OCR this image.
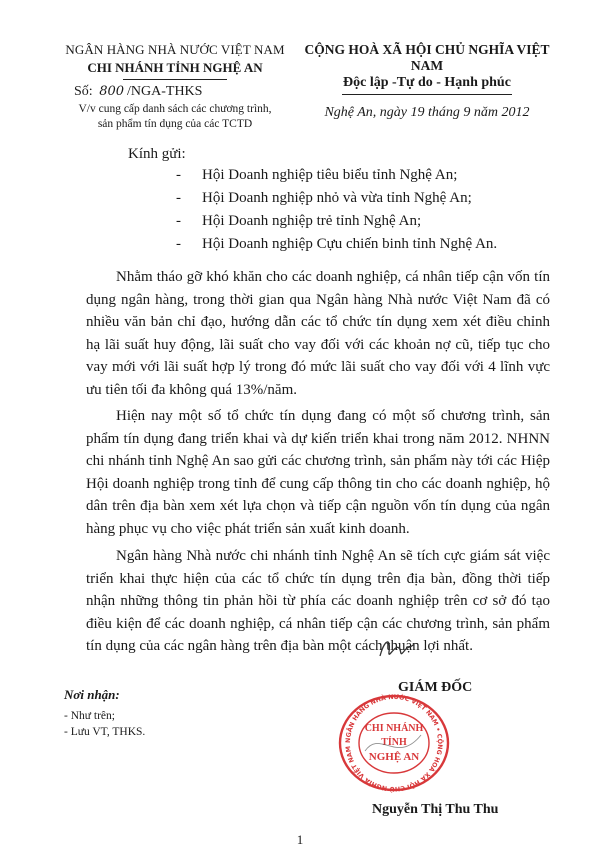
NGÂN HÀNG NHÀ NƯỚC VIỆT NAM
CHI NHÁNH TỈNH NGHỆ AN
Số: 800 /NGA-THKS
V/v cung cấp danh sách các chương trình,
sản phẩm tín dụng của các TCTD
CỘNG HOÀ XÃ HỘI CHỦ NGHĨA VIỆT NAM
Độc lập -Tự do - Hạnh phúc
Nghệ An, ngày 19 tháng 9 năm 2012
Kính gửi:
- Hội Doanh nghiệp tiêu biểu tỉnh Nghệ An;
- Hội Doanh nghiệp nhỏ và vừa tỉnh Nghệ An;
- Hội Doanh nghiệp trẻ tỉnh Nghệ An;
- Hội Doanh nghiệp Cựu chiến binh tỉnh Nghệ An.

Nhằm tháo gỡ khó khăn cho các doanh nghiệp, cá nhân tiếp cận vốn tín dụng ngân hàng, trong thời gian qua Ngân hàng Nhà nước Việt Nam đã có nhiều văn bản chỉ đạo, hướng dẫn các tổ chức tín dụng xem xét điều chỉnh hạ lãi suất huy động, lãi suất cho vay đối với các khoản nợ cũ, tiếp tục cho vay mới với lãi suất hợp lý trong đó mức lãi suất cho vay đối với 4 lĩnh vực ưu tiên tối đa không quá 13%/năm.

Hiện nay một số tổ chức tín dụng đang có một số chương trình, sản phẩm tín dụng đang triển khai và dự kiến triển khai trong năm 2012. NHNN chi nhánh tỉnh Nghệ An sao gửi các chương trình, sản phẩm này tới các Hiệp Hội doanh nghiệp trong tỉnh để cung cấp thông tin cho các doanh nghiệp, hộ dân trên địa bàn xem xét lựa chọn và tiếp cận nguồn vốn tín dụng của ngân hàng phục vụ cho việc phát triển sản xuất kinh doanh.

Ngân hàng Nhà nước chi nhánh tỉnh Nghệ An sẽ tích cực giám sát việc triển khai thực hiện của các tổ chức tín dụng trên địa bàn, đồng thời tiếp nhận những thông tin phản hồi từ phía các doanh nghiệp trên cơ sở đó tạo điều kiện để các doanh nghiệp, cá nhân tiếp cận các chương trình, sản phẩm tín dụng của các ngân hàng trên địa bàn một cách thuận lợi nhất.

Nơi nhận:
- Như trên;
- Lưu VT, THKS.
NGÂN HÀNG NHÀ NƯỚC VIỆT NAM • CỘNG HOÀ XÃ HỘI CHỦ NGHĨA VIỆT NAM
CHI NHÁNH
TỈNH
NGHỆ AN
GIÁM ĐỐC
Nguyễn Thị Thu Thu
1
